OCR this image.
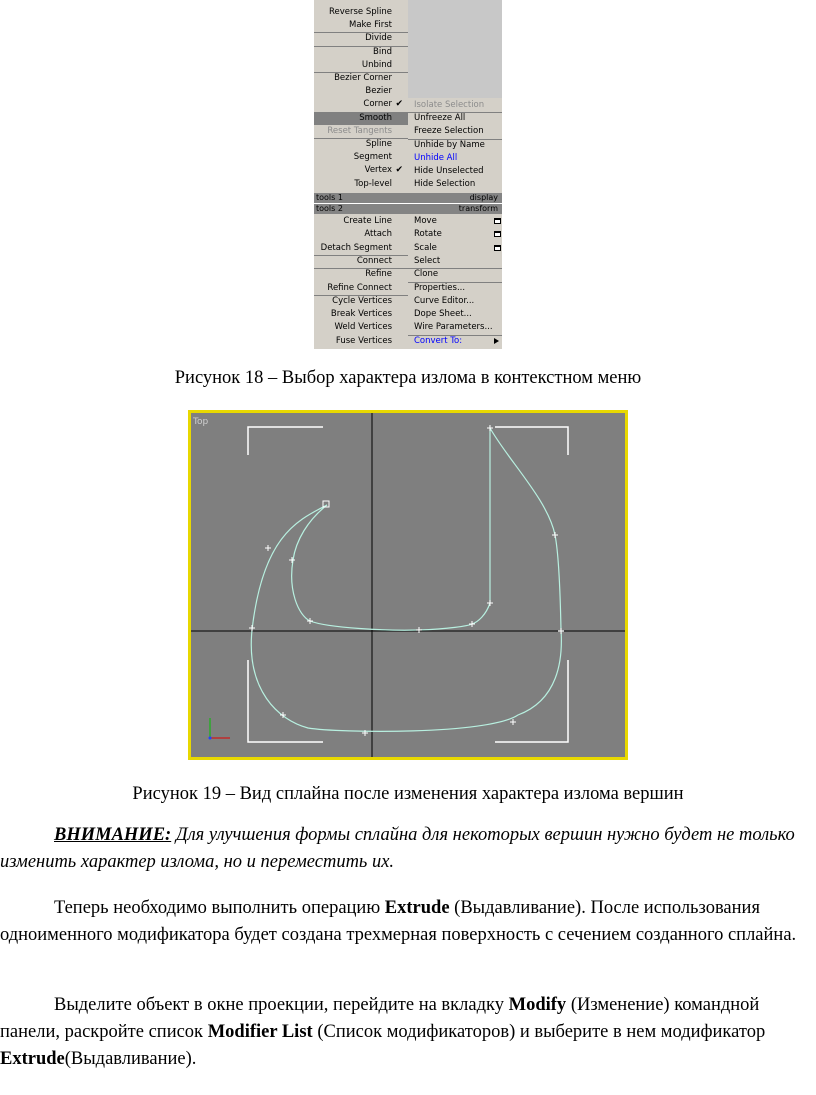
Reverse Spline
Make First
Divide
Bind
Unbind
Bezier Corner
Bezier
Corner ✔
Smooth
Reset Tangents
Spline
Segment
Vertex ✔
Top-level
Isolate Selection
Unfreeze All
Freeze Selection
Unhide by Name
Unhide All
Hide Unselected
Hide Selection
tools 1	display
tools 2	transform
Create Line
Attach
Detach Segment
Connect
Refine
Refine Connect
Cycle Vertices
Break Vertices
Weld Vertices
Fuse Vertices
Move
Rotate
Scale
Select
Clone
Properties...
Curve Editor...
Dope Sheet...
Wire Parameters...
Convert To:
Рисунок 18 – Выбор характера излома в контекстном меню
Top
Рисунок 19 – Вид сплайна после изменения характера излома вершин
ВНИМАНИЕ: Для улучшения формы сплайна для некоторых вершин нужно будет не только изменить характер излома, но и переместить их.
Теперь необходимо выполнить операцию Extrude (Выдавливание). После использования одноименного модификатора будет создана трехмерная поверхность с сечением созданного сплайна.
Выделите объект в окне проекции, перейдите на вкладку Modify (Изменение) командной панели, раскройте список Modifier List (Список модификаторов) и выберите в нем модификатор Extrude(Выдавливание).
